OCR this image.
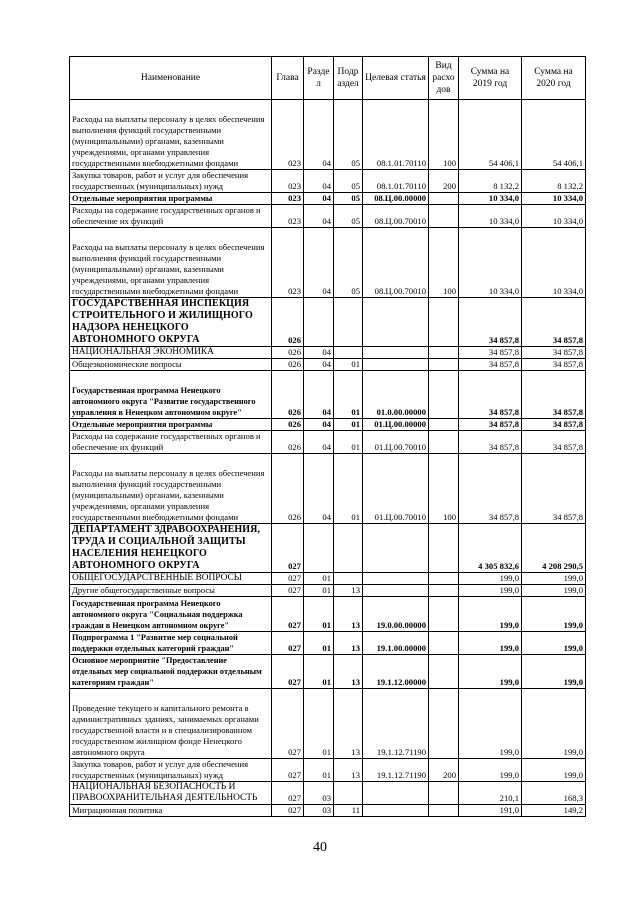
Наименование	Глава	Разде л	Подр аздел	Целевая статья	Вид расхо дов	Сумма на 2019 год	Сумма на 2020 год
Расходы на выплаты персоналу в целях обеспечения выполнения функций государственными (муниципальными) органами, казенными учреждениями, органами управления государственными внебюджетными фондами	023	04	05	08.1.01.70110	100	54 406,1	54 406,1
Закупка товаров, работ и услуг для обеспечения государственных (муниципальных) нужд	023	04	05	08.1.01.70110	200	8 132,2	8 132,2
Отдельные мероприятия программы	023	04	05	08.Ц.00.00000		10 334,0	10 334,0
Расходы на содержание государственных органов и обеспечение их функций	023	04	05	08.Ц.00.70010		10 334,0	10 334,0
Расходы на выплаты персоналу в целях обеспечения выполнения функций государственными (муниципальными) органами, казенными учреждениями, органами управления государственными внебюджетными фондами	023	04	05	08.Ц.00.70010	100	10 334,0	10 334,0
ГОСУДАРСТВЕННАЯ ИНСПЕКЦИЯ СТРОИТЕЛЬНОГО И ЖИЛИЩНОГО НАДЗОРА НЕНЕЦКОГО АВТОНОМНОГО ОКРУГА	026					34 857,8	34 857,8
НАЦИОНАЛЬНАЯ ЭКОНОМИКА	026	04				34 857,8	34 857,8
Общеэкономические вопросы	026	04	01			34 857,8	34 857,8
Государственная программа Ненецкого автономного округа "Развитие государственного управления в Ненецком автономном округе"	026	04	01	01.0.00.00000		34 857,8	34 857,8
Отдельные мероприятия программы	026	04	01	01.Ц.00.00000		34 857,8	34 857,8
Расходы на содержание государственных органов и обеспечение их функций	026	04	01	01.Ц.00.70010		34 857,8	34 857,8
Расходы на выплаты персоналу в целях обеспечения выполнения функций государственными (муниципальными) органами, казенными учреждениями, органами управления государственными внебюджетными фондами	026	04	01	01.Ц.00.70010	100	34 857,8	34 857,8
ДЕПАРТАМЕНТ ЗДРАВООХРАНЕНИЯ, ТРУДА И СОЦИАЛЬНОЙ ЗАЩИТЫ НАСЕЛЕНИЯ НЕНЕЦКОГО АВТОНОМНОГО ОКРУГА	027					4 305 832,6	4 208 290,5
ОБЩЕГОСУДАРСТВЕННЫЕ ВОПРОСЫ	027	01				199,0	199,0
Другие общегосударственные вопросы	027	01	13			199,0	199,0
Государственная программа Ненецкого автономного округа "Социальная поддержка граждан в Ненецком автономном округе"	027	01	13	19.0.00.00000		199,0	199,0
Подпрограмма 1 "Развитие мер социальной поддержки отдельных категорий граждан"	027	01	13	19.1.00.00000		199,0	199,0
Основное мероприятие "Предоставление отдельных мер социальной поддержки отдельным категориям граждан"	027	01	13	19.1.12.00000		199,0	199,0
Проведение текущего и капитального ремонта в административных зданиях, занимаемых органами государственной власти и в специализированном государственном жилищном фонде Ненецкого автономного округа	027	01	13	19.1.12.71190		199,0	199,0
Закупка товаров, работ и услуг для обеспечения государственных (муниципальных) нужд	027	01	13	19.1.12.71190	200	199,0	199,0
НАЦИОНАЛЬНАЯ БЕЗОПАСНОСТЬ И ПРАВООХРАНИТЕЛЬНАЯ ДЕЯТЕЛЬНОСТЬ	027	03				210,1	168,3
Миграционная политика	027	03	11			191,0	149,2
40
